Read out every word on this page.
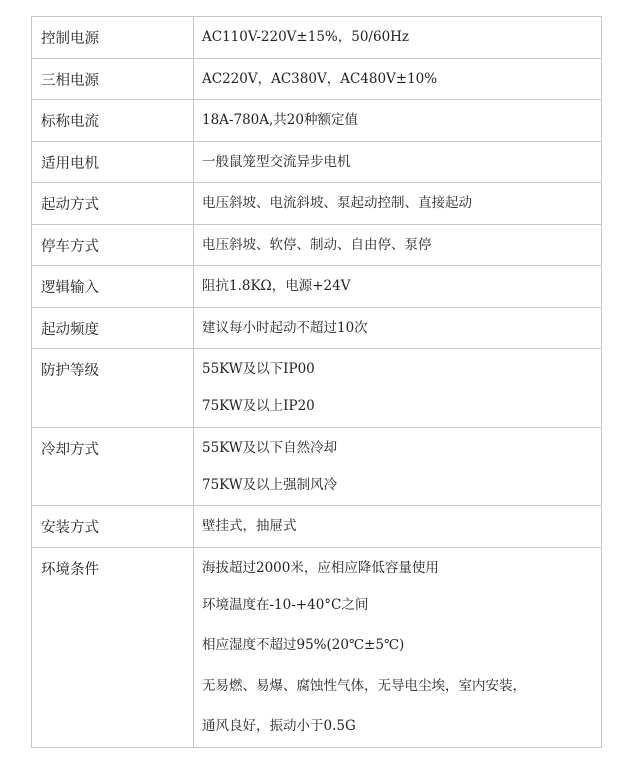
控制电源	AC110V-220V±15%，50/60Hz

三相电源	AC220V，AC380V，AC480V±10%

标称电流	18A-780A,共20种额定值

适用电机	一般鼠笼型交流异步电机

起动方式	电压斜坡、电流斜坡、泵起动控制、直接起动

停车方式	电压斜坡、软停、制动、自由停、泵停

逻辑输入	阻抗1.8KΩ，电源+24V

起动频度	建议每小时起动不超过10次

防护等级	55KW及以下IP00
75KW及以上IP20

冷却方式	55KW及以下自然冷却
75KW及以上强制风冷

安装方式	壁挂式，抽屉式

环境条件	海拔超过2000米，应相应降低容量使用
环境温度在-10-+40°C之间
相应湿度不超过95%(20℃±5℃)
无易燃、易爆、腐蚀性气体，无导电尘埃，室内安装，
通风良好，振动小于0.5G
